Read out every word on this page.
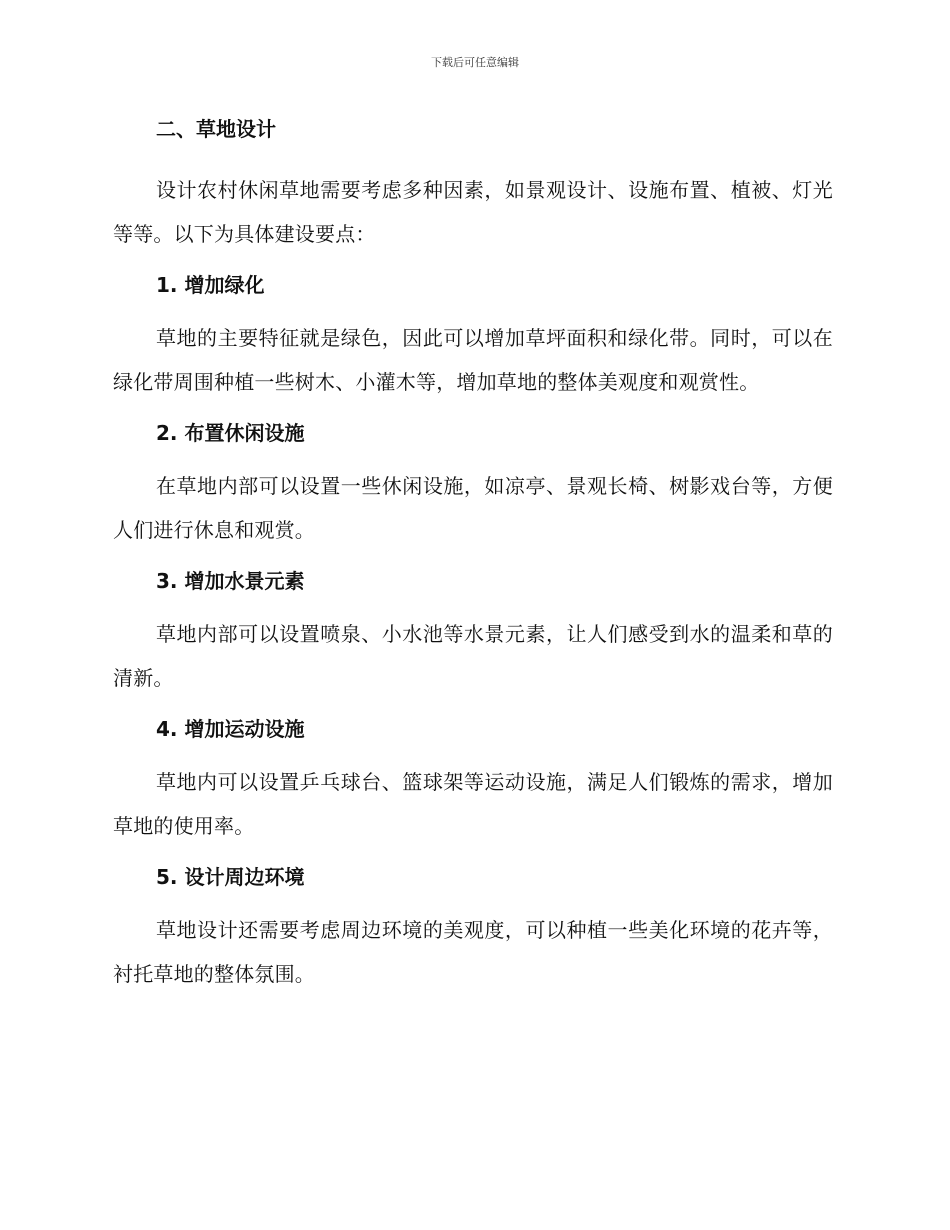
下载后可任意编辑
二、草地设计

设计农村休闲草地需要考虑多种因素，如景观设计、设施布置、植被、灯光等等。以下为具体建设要点：

1. 增加绿化

草地的主要特征就是绿色，因此可以增加草坪面积和绿化带。同时，可以在绿化带周围种植一些树木、小灌木等，增加草地的整体美观度和观赏性。

2. 布置休闲设施

在草地内部可以设置一些休闲设施，如凉亭、景观长椅、树影戏台等，方便人们进行休息和观赏。

3. 增加水景元素

草地内部可以设置喷泉、小水池等水景元素，让人们感受到水的温柔和草的清新。

4. 增加运动设施

草地内可以设置乒乓球台、篮球架等运动设施，满足人们锻炼的需求，增加草地的使用率。

5. 设计周边环境

草地设计还需要考虑周边环境的美观度，可以种植一些美化环境的花卉等，衬托草地的整体氛围。
